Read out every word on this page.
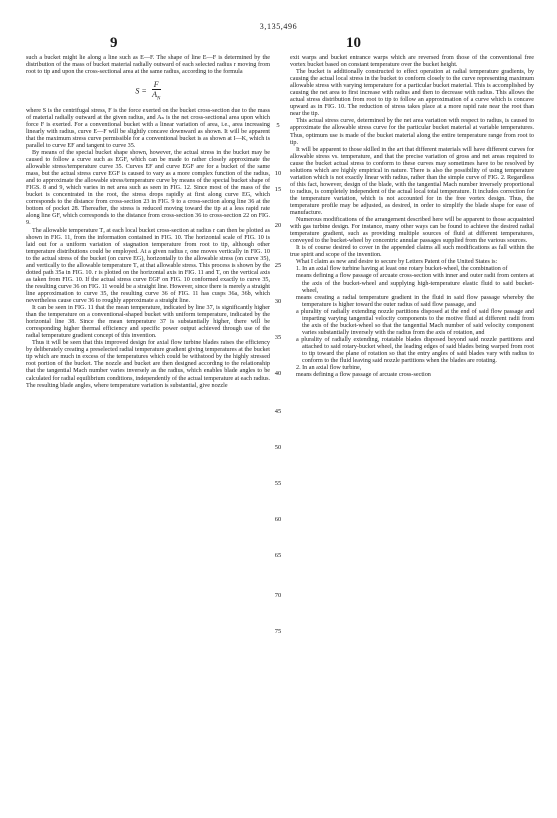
3,135,496
9	10
5
10
15
20
25
30
35
40
45
50
55
60
65
70
75

such a bucket might lie along a line such as E—F. The shape of line E—F is determined by the distribution of the mass of bucket material radially outward of each selected radius r moving from root to tip and upon the cross-sectional area at the same radius, according to the formula

$S = \frac{F}{A_N}$

where S is the centrifugal stress, F is the force exerted on the bucket cross-section due to the mass of material radially outward at the given radius, and Aₙ is the net cross-sectional area upon which force F is exerted. For a conventional bucket with a linear variation of area, i.e., area increasing linearly with radius, curve E—F will be slightly concave downward as shown. It will be apparent that the maximum stress curve permissible for a conventional bucket is as shown at I—K, which is parallel to curve EF and tangent to curve 35.

By means of the special bucket shape shown, however, the actual stress in the bucket may be caused to follow a curve such as EGF, which can be made to rather closely approximate the allowable stress/temperature curve 35. Curves EF and curve EGF are for a bucket of the same mass, but the actual stress curve EGF is caused to vary as a more complex function of the radius, and to approximate the allowable stress/temperature curve by means of the special bucket shape of FIGS. 8 and 9, which varies in net area such as seen in FIG. 12. Since most of the mass of the bucket is concentrated in the root, the stress drops rapidly at first along curve EG, which corresponds to the distance from cross-section 23 in FIG. 9 to a cross-section along line 36 at the bottom of pocket 28. Thereafter, the stress is reduced moving toward the tip at a less rapid rate along line GF, which corresponds to the distance from cross-section 36 to cross-section 22 on FIG. 9.

The allowable temperature Tₐ at each local bucket cross-section at radius r can then be plotted as shown in FIG. 11, from the information contained in FIG. 10. The horizontal scale of FIG. 10 is laid out for a uniform variation of stagnation temperature from root to tip, although other temperature distributions could be employed. At a given radius r, one moves vertically in FIG. 10 to the actual stress of the bucket (on curve EG), horizontally to the allowable stress (on curve 35), and vertically to the allowable temperature Tₐ at that allowable stress. This process is shown by the dotted path 35a in FIG. 10. r is plotted on the horizontal axis in FIG. 11 and Tₐ on the vertical axis as taken from FIG. 10. If the actual stress curve EGF on FIG. 10 conformed exactly to curve 35, the resulting curve 36 on FIG. 11 would be a straight line. However, since there is merely a straight line approximation to curve 35, the resulting curve 36 of FIG. 11 has cusps 36a, 36b, which nevertheless cause curve 36 to roughly approximate a straight line.

It can be seen in FIG. 11 that the mean temperature, indicated by line 37, is significantly higher than the temperature on a conventional-shaped bucket with uniform temperature, indicated by the horizontal line 38. Since the mean temperature 37 is substantially higher, there will be corresponding higher thermal efficiency and specific power output achieved through use of the radial temperature gradient concept of this invention.

Thus it will be seen that this improved design for axial flow turbine blades raises the efficiency by deliberately creating a preselected radial temperature gradient giving temperatures at the bucket tip which are much in excess of the temperatures which could be withstood by the highly stressed root portion of the bucket. The nozzle and bucket are then designed according to the relationship that the tangential Mach number varies inversely as the radius, which enables blade angles to be calculated for radial equilibrium conditions, independently of the actual temperature at each radius. The resulting blade angles, where temperature variation is substantial, give nozzle

exit warps and bucket entrance warps which are reversed from those of the conventional free vortex bucket based on constant temperature over the bucket height.

The bucket is additionally constructed to effect operation at radial temperature gradients, by causing the actual local stress in the bucket to conform closely to the curve representing maximum allowable stress with varying temperature for a particular bucket material. This is accomplished by causing the net area to first increase with radius and then to decrease with radius. This allows the actual stress distribution from root to tip to follow an approximation of a curve which is concave upward as in FIG. 10. The reduction of stress takes place at a more rapid rate near the root than near the tip.

This actual stress curve, determined by the net area variation with respect to radius, is caused to approximate the allowable stress curve for the particular bucket material at variable temperatures. Thus, optimum use is made of the bucket material along the entire temperature range from root to tip.

It will be apparent to those skilled in the art that different materials will have different curves for allowable stress vs. temperature, and that the precise variation of gross and net areas required to cause the bucket actual stress to conform to these curves may sometimes have to be resolved by solutions which are highly empirical in nature. There is also the possibility of using temperature variation which is not exactly linear with radius, rather than the simple curve of FIG. 2. Regardless of this fact, however, design of the blade, with the tangential Mach number inversely proportional to radius, is completely independent of the actual local total temperature. It includes correction for the temperature variation, which is not accounted for in the free vortex design. Thus, the temperature profile may be adjusted, as desired, in order to simplify the blade shape for ease of manufacture.

Numerous modifications of the arrangement described here will be apparent to those acquainted with gas turbine design. For instance, many other ways can be found to achieve the desired radial temperature gradient, such as providing multiple sources of fluid at different temperatures, conveyed to the bucket-wheel by concentric annular passages supplied from the various sources.

It is of course desired to cover in the appended claims all such modifications as fall within the true spirit and scope of the invention.

What I claim as new and desire to secure by Letters Patent of the United States is:

1. In an axial flow turbine having at least one rotary bucket-wheel, the combination of

means defining a flow passage of arcuate cross-section with inner and outer radii from centers at the axis of the bucket-wheel and supplying high-temperature elastic fluid to said bucket-wheel,

means creating a radial temperature gradient in the fluid in said flow passage whereby the temperature is higher toward the outer radius of said flow passage, and

a plurality of radially extending nozzle partitions disposed at the end of said flow passage and imparting varying tangential velocity components to the motive fluid at different radii from the axis of the bucket-wheel so that the tangential Mach number of said velocity component varies substantially inversely with the radius from the axis of rotation, and

a plurality of radially extending, rotatable blades disposed beyond said nozzle partitions and attached to said rotary-bucket wheel, the leading edges of said blades being warped from root to tip toward the plane of rotation so that the entry angles of said blades vary with radius to conform to the fluid leaving said nozzle partitions when the blades are rotating.

2. In an axial flow turbine,

means defining a flow passage of arcuate cross-section
